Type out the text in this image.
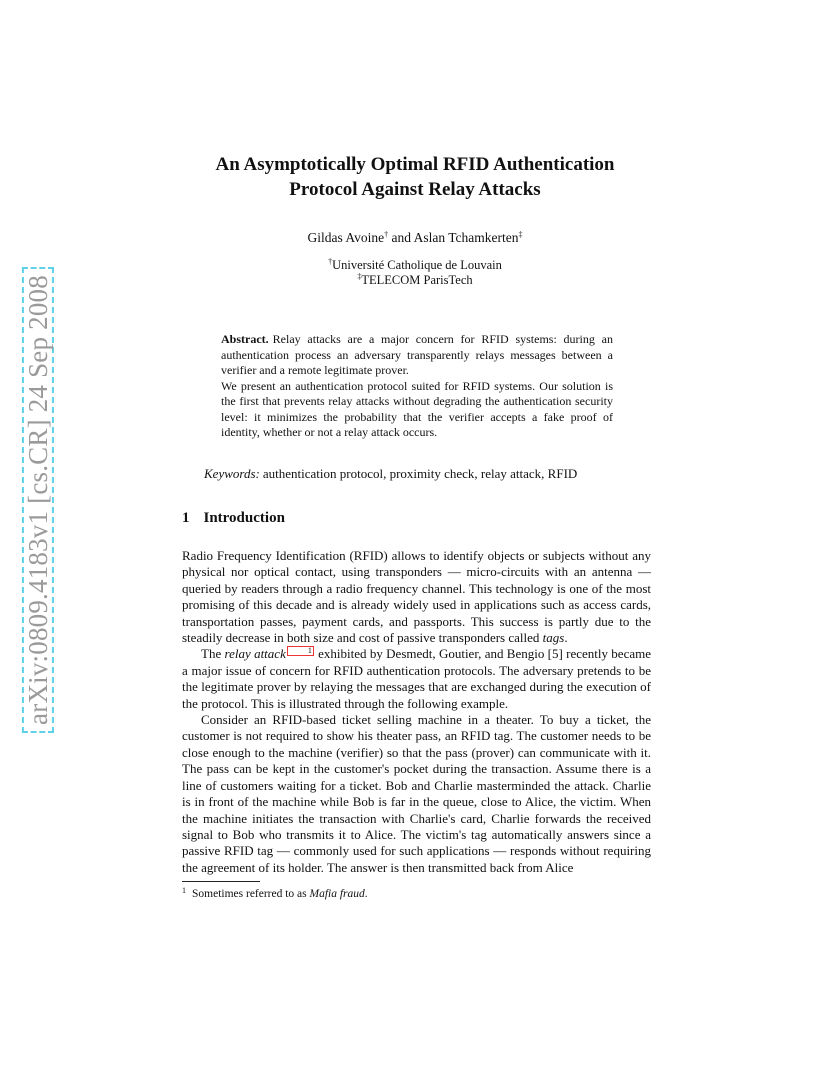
arXiv:0809.4183v1 [cs.CR] 24 Sep 2008
An Asymptotically Optimal RFID Authentication
Protocol Against Relay Attacks
Gildas Avoine† and Aslan Tchamkerten‡
†Université Catholique de Louvain
‡TELECOM ParisTech

Abstract. Relay attacks are a major concern for RFID systems: during an authentication process an adversary transparently relays messages between a verifier and a remote legitimate prover.

We present an authentication protocol suited for RFID systems. Our solution is the first that prevents relay attacks without degrading the authentication security level: it minimizes the probability that the verifier accepts a fake proof of identity, whether or not a relay attack occurs.

Keywords: authentication protocol, proximity check, relay attack, RFID
1 Introduction

Radio Frequency Identification (RFID) allows to identify objects or subjects without any physical nor optical contact, using transponders — micro-circuits with an antenna — queried by readers through a radio frequency channel. This technology is one of the most promising of this decade and is already widely used in applications such as access cards, transportation passes, payment cards, and passports. This success is partly due to the steadily decrease in both size and cost of passive transponders called tags.

The relay attack	1 exhibited by Desmedt, Goutier, and Bengio [5] recently became a major issue of concern for RFID authentication protocols. The adversary pretends to be the legitimate prover by relaying the messages that are exchanged during the execution of the protocol. This is illustrated through the following example.

Consider an RFID-based ticket selling machine in a theater. To buy a ticket, the customer is not required to show his theater pass, an RFID tag. The customer needs to be close enough to the machine (verifier) so that the pass (prover) can communicate with it. The pass can be kept in the customer's pocket during the transaction. Assume there is a line of customers waiting for a ticket. Bob and Charlie masterminded the attack. Charlie is in front of the machine while Bob is far in the queue, close to Alice, the victim. When the machine initiates the transaction with Charlie's card, Charlie forwards the received signal to Bob who transmits it to Alice. The victim's tag automatically answers since a passive RFID tag — commonly used for such applications — responds without requiring the agreement of its holder. The answer is then transmitted back from Alice

$^1$ Sometimes referred to as Mafia fraud.
